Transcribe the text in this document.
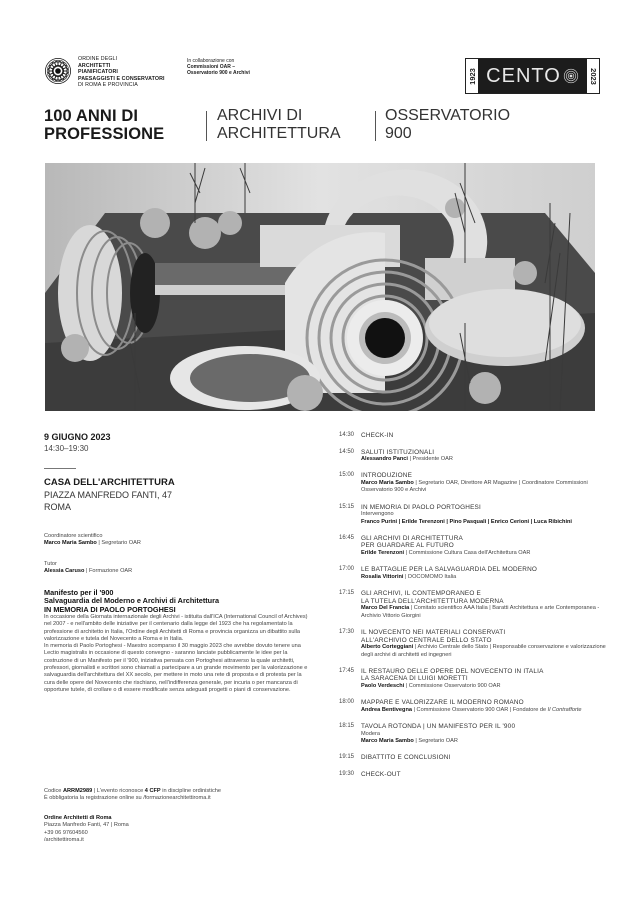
ORDINE DEGLI
ARCHITETTI
PIANIFICATORI
PAESAGGISTI E CONSERVATORI
DI ROMA E PROVINCIA
In collaborazione con
Commissioni OAR –
Osservatorio 900 e Archivi	1923 CENTO	2023
100 ANNI DI
PROFESSIONE
ARCHIVI DI
ARCHITETTURA
OSSERVATORIO
900
9 GIUGNO 2023
14:30–19:30
CASA DELL'ARCHITETTURA
PIAZZA MANFREDO FANTI, 47
ROMA
Coordinatore scientifico
Marco Maria Sambo | Segretario OAR
Tutor
Alessia Caruso | Formazione OAR
Manifesto per il '900
Salvaguardia del Moderno e Archivi di Architettura
IN MEMORIA DI PAOLO PORTOGHESI

In occasione della Giornata internazionale degli Archivi - istituita dall'ICA (International Council of Archives) nel 2007 - e nell'ambito delle iniziative per il centenario dalla legge del 1923 che ha regolamentato la professione di architetto in Italia, l'Ordine degli Architetti di Roma e provincia organizza un dibattito sulla valorizzazione e tutela del Novecento a Roma e in Italia.

In memoria di Paolo Portoghesi - Maestro scomparso il 30 maggio 2023 che avrebbe dovuto tenere una Lectio magistralis in occasione di questo convegno - saranno lanciate pubblicamente le idee per la costruzione di un Manifesto per il '900, iniziativa pensata con Portoghesi attraverso la quale architetti, professori, giornalisti e scrittori sono chiamati a partecipare a un grande movimento per la valorizzazione e salvaguardia dell'architettura del XX secolo, per mettere in moto una rete di proposta e di protesta per la cura delle opere del Novecento che rischiano, nell'indifferenza generale, per incuria o per mancanza di opportune tutele, di crollare o di essere modificate senza adeguati progetti o piani di conservazione.

Codice ARRM2989 | L'evento riconosce 4 CFP in discipline ordinistiche
È obbligatoria la registrazione online su /formazionearchitettiroma.it
Ordine Architetti di Roma
Piazza Manfredo Fanti, 47 | Roma
+39 06 97604560
/architettiroma.it
14:30	CHECK-IN
14:50	SALUTI ISTITUZIONALI
Alessandro Panci | Presidente OAR
15:00	INTRODUZIONE
Marco Maria Sambo | Segretario OAR, Direttore AR Magazine | Coordinatore Commissioni Osservatorio 900 e Archivi
15:15	IN MEMORIA DI PAOLO PORTOGHESI
Intervengono
Franco Purini | Erilde Terenzoni | Pino Pasquali | Enrico Cerioni | Luca Ribichini
16:45	GLI ARCHIVI DI ARCHITETTURA
PER GUARDARE AL FUTURO
Erilde Terenzoni | Commissione Cultura Casa dell'Architettura OAR
17:00	LE BATTAGLIE PER LA SALVAGUARDIA DEL MODERNO
Rosalia Vittorini | DOCOMOMO Italia
17:15	GLI ARCHIVI, IL CONTEMPORANEO E
LA TUTELA DELL'ARCHITETTURA MODERNA
Marco Del Francia | Comitato scientifico AAA Italia | Baratti Architettura e arte Contemporanea - Archivio Vittorio Giorgini
17:30	IL NOVECENTO NEI MATERIALI CONSERVATI
ALL'ARCHIVIO CENTRALE DELLO STATO
Alberto Corteggiani | Archivio Centrale dello Stato | Responsabile conservazione e valorizzazione degli archivi di architetti ed ingegneri
17:45	IL RESTAURO DELLE OPERE DEL NOVECENTO IN ITALIA
LA SARACENA DI LUIGI MORETTI
Paolo Verdeschi | Commissione Osservatorio 900 OAR
18:00	MAPPARE E VALORIZZARE IL MODERNO ROMANO
Andrea Bentivegna | Commissione Osservatorio 900 OAR | Fondatore de Il Contrafforte
18:15	TAVOLA ROTONDA | UN MANIFESTO PER IL '900
Modera
Marco Maria Sambo | Segretario OAR
19:15	DIBATTITO E CONCLUSIONI
19:30	CHECK-OUT
